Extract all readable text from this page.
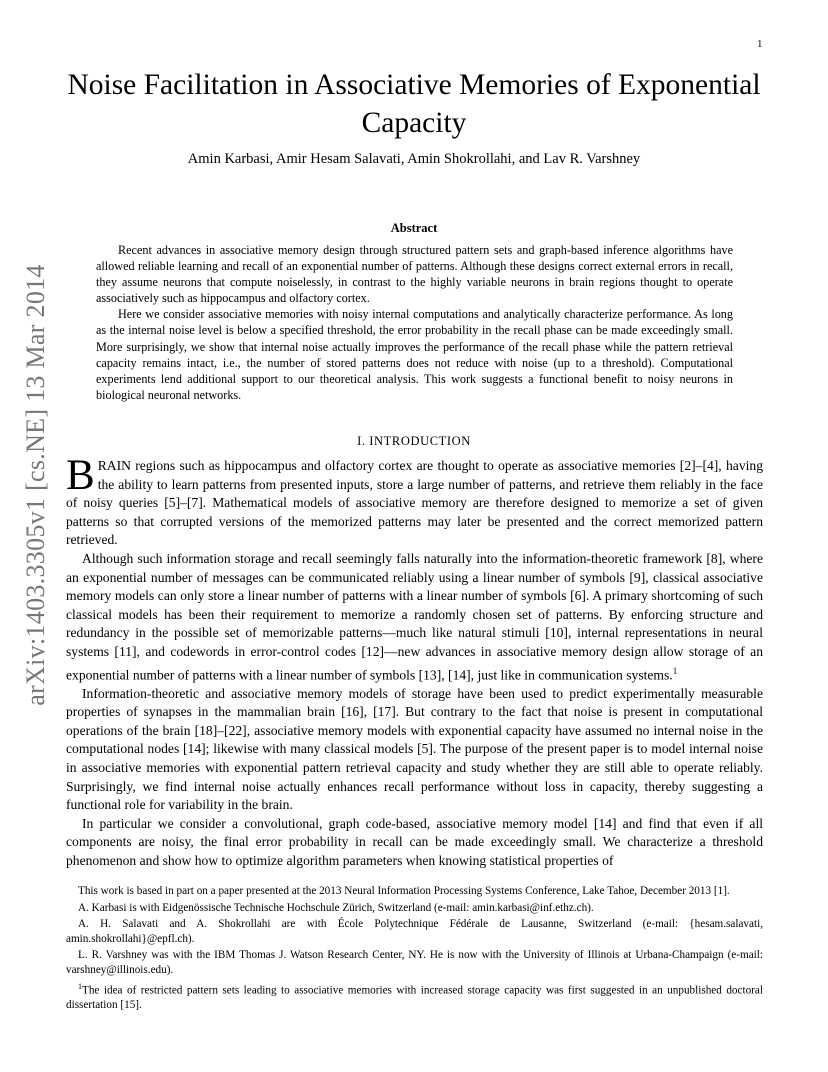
1
arXiv:1403.3305v1 [cs.NE] 13 Mar 2014
Noise Facilitation in Associative Memories of Exponential Capacity
Amin Karbasi, Amir Hesam Salavati, Amin Shokrollahi, and Lav R. Varshney
Abstract

Recent advances in associative memory design through structured pattern sets and graph-based inference algorithms have allowed reliable learning and recall of an exponential number of patterns. Although these designs correct external errors in recall, they assume neurons that compute noiselessly, in contrast to the highly variable neurons in brain regions thought to operate associatively such as hippocampus and olfactory cortex.

Here we consider associative memories with noisy internal computations and analytically characterize performance. As long as the internal noise level is below a specified threshold, the error probability in the recall phase can be made exceedingly small. More surprisingly, we show that internal noise actually improves the performance of the recall phase while the pattern retrieval capacity remains intact, i.e., the number of stored patterns does not reduce with noise (up to a threshold). Computational experiments lend additional support to our theoretical analysis. This work suggests a functional benefit to noisy neurons in biological neuronal networks.

I. INTRODUCTION

BRAIN regions such as hippocampus and olfactory cortex are thought to operate as associative memories [2]–[4], having the ability to learn patterns from presented inputs, store a large number of patterns, and retrieve them reliably in the face of noisy queries [5]–[7]. Mathematical models of associative memory are therefore designed to memorize a set of given patterns so that corrupted versions of the memorized patterns may later be presented and the correct memorized pattern retrieved.

Although such information storage and recall seemingly falls naturally into the information-theoretic framework [8], where an exponential number of messages can be communicated reliably using a linear number of symbols [9], classical associative memory models can only store a linear number of patterns with a linear number of symbols [6]. A primary shortcoming of such classical models has been their requirement to memorize a randomly chosen set of patterns. By enforcing structure and redundancy in the possible set of memorizable patterns—much like natural stimuli [10], internal representations in neural systems [11], and codewords in error-control codes [12]—new advances in associative memory design allow storage of an exponential number of patterns with a linear number of symbols [13], [14], just like in communication systems.$^1$

Information-theoretic and associative memory models of storage have been used to predict experimentally measurable properties of synapses in the mammalian brain [16], [17]. But contrary to the fact that noise is present in computational operations of the brain [18]–[22], associative memory models with exponential capacity have assumed no internal noise in the computational nodes [14]; likewise with many classical models [5]. The purpose of the present paper is to model internal noise in associative memories with exponential pattern retrieval capacity and study whether they are still able to operate reliably. Surprisingly, we find internal noise actually enhances recall performance without loss in capacity, thereby suggesting a functional role for variability in the brain.

In particular we consider a convolutional, graph code-based, associative memory model [14] and find that even if all components are noisy, the final error probability in recall can be made exceedingly small. We characterize a threshold phenomenon and show how to optimize algorithm parameters when knowing statistical properties of

This work is based in part on a paper presented at the 2013 Neural Information Processing Systems Conference, Lake Tahoe, December 2013 [1].

A. Karbasi is with Eidgenössische Technische Hochschule Zürich, Switzerland (e-mail: amin.karbasi@inf.ethz.ch).

A. H. Salavati and A. Shokrollahi are with École Polytechnique Fédérale de Lausanne, Switzerland (e-mail: {hesam.salavati, amin.shokrollahi}@epfl.ch).

L. R. Varshney was with the IBM Thomas J. Watson Research Center, NY. He is now with the University of Illinois at Urbana-Champaign (e-mail: varshney@illinois.edu).

$^1$The idea of restricted pattern sets leading to associative memories with increased storage capacity was first suggested in an unpublished doctoral dissertation [15].
